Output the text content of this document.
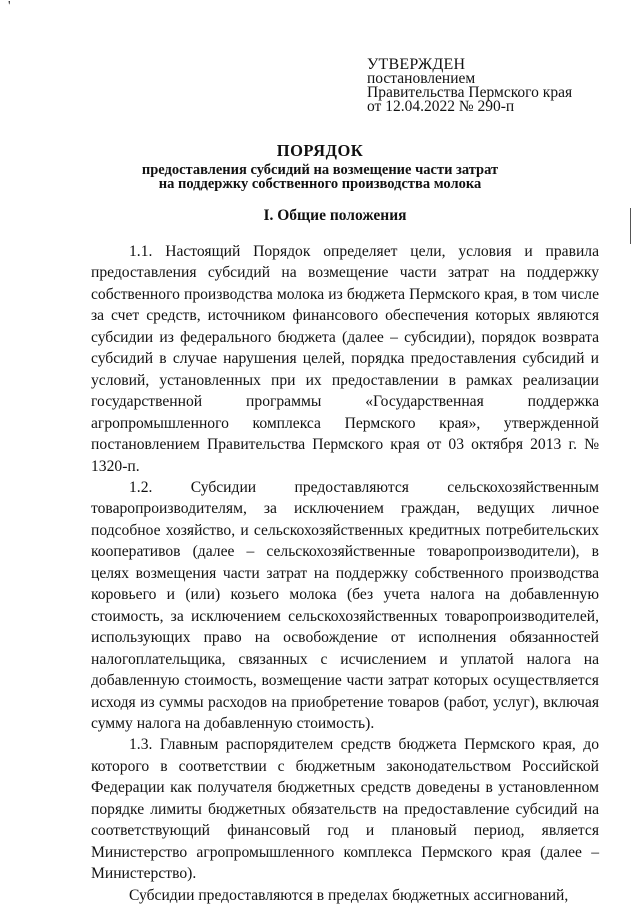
'
УТВЕРЖДЕН
постановлением
Правительства Пермского края
от 12.04.2022 № 290-п
ПОРЯДОК
предоставления субсидий на возмещение части затрат
на поддержку собственного производства молока
I. Общие положения

1.1. Настоящий Порядок определяет цели, условия и правила предоставления субсидий на возмещение части затрат на поддержку собственного производства молока из бюджета Пермского края, в том числе за счет средств, источником финансового обеспечения которых являются субсидии из федерального бюджета (далее – субсидии), порядок возврата субсидий в случае нарушения целей, порядка предоставления субсидий и условий, установленных при их предоставлении в рамках реализации государственной программы «Государственная поддержка агропромышленного комплекса Пермского края», утвержденной постановлением Правительства Пермского края от 03 октября 2013 г. № 1320-п.

1.2. Субсидии предоставляются сельскохозяйственным товаропроизводителям, за исключением граждан, ведущих личное подсобное хозяйство, и сельскохозяйственных кредитных потребительских кооперативов (далее – сельскохозяйственные товаропроизводители), в целях возмещения части затрат на поддержку собственного производства коровьего и (или) козьего молока (без учета налога на добавленную стоимость, за исключением сельскохозяйственных товаропроизводителей, использующих право на освобождение от исполнения обязанностей налогоплательщика, связанных с исчислением и уплатой налога на добавленную стоимость, возмещение части затрат которых осуществляется исходя из суммы расходов на приобретение товаров (работ, услуг), включая сумму налога на добавленную стоимость).

1.3. Главным распорядителем средств бюджета Пермского края, до которого в соответствии с бюджетным законодательством Российской Федерации как получателя бюджетных средств доведены в установленном порядке лимиты бюджетных обязательств на предоставление субсидий на соответствующий финансовый год и плановый период, является Министерство агропромышленного комплекса Пермского края (далее – Министерство).

Субсидии предоставляются в пределах бюджетных ассигнований,
